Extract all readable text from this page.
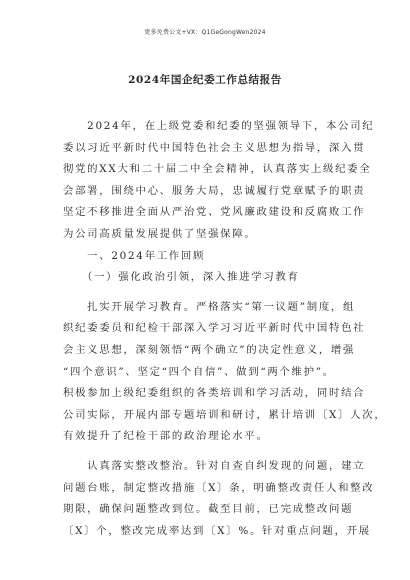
更多免费公文+VX：Q1GeGongWen2024
2024年国企纪委工作总结报告
　　2024年，在上级党委和纪委的坚强领导下，本公司纪
委以习近平新时代中国特色社会主义思想为指导，深入贯
彻党的XX大和二十届二中全会精神，认真落实上级纪委全
会部署，围绕中心、服务大局，忠诚履行党章赋予的职责
坚定不移推进全面从严治党、党风廉政建设和反腐败工作
为公司高质量发展提供了坚强保障。
　　一、2024年工作回顾
　　（一）强化政治引领，深入推进学习教育
　　扎实开展学习教育。严格落实“第一议题”制度，组
织纪委委员和纪检干部深入学习习近平新时代中国特色社
会主义思想，深刻领悟“两个确立”的决定性意义，增强
“四个意识”、坚定“四个自信”、做到“两个维护”。
积极参加上级纪委组织的各类培训和学习活动，同时结合
公司实际，开展内部专题培训和研讨，累计培训〔X〕人次，
有效提升了纪检干部的政治理论水平。
　　认真落实整改整治。针对自查自纠发现的问题，建立
问题台账，制定整改措施〔X〕条，明确整改责任人和整改
期限，确保问题整改到位。截至目前，已完成整改问题
〔X〕个，整改完成率达到〔X〕%。针对重点问题，开展
